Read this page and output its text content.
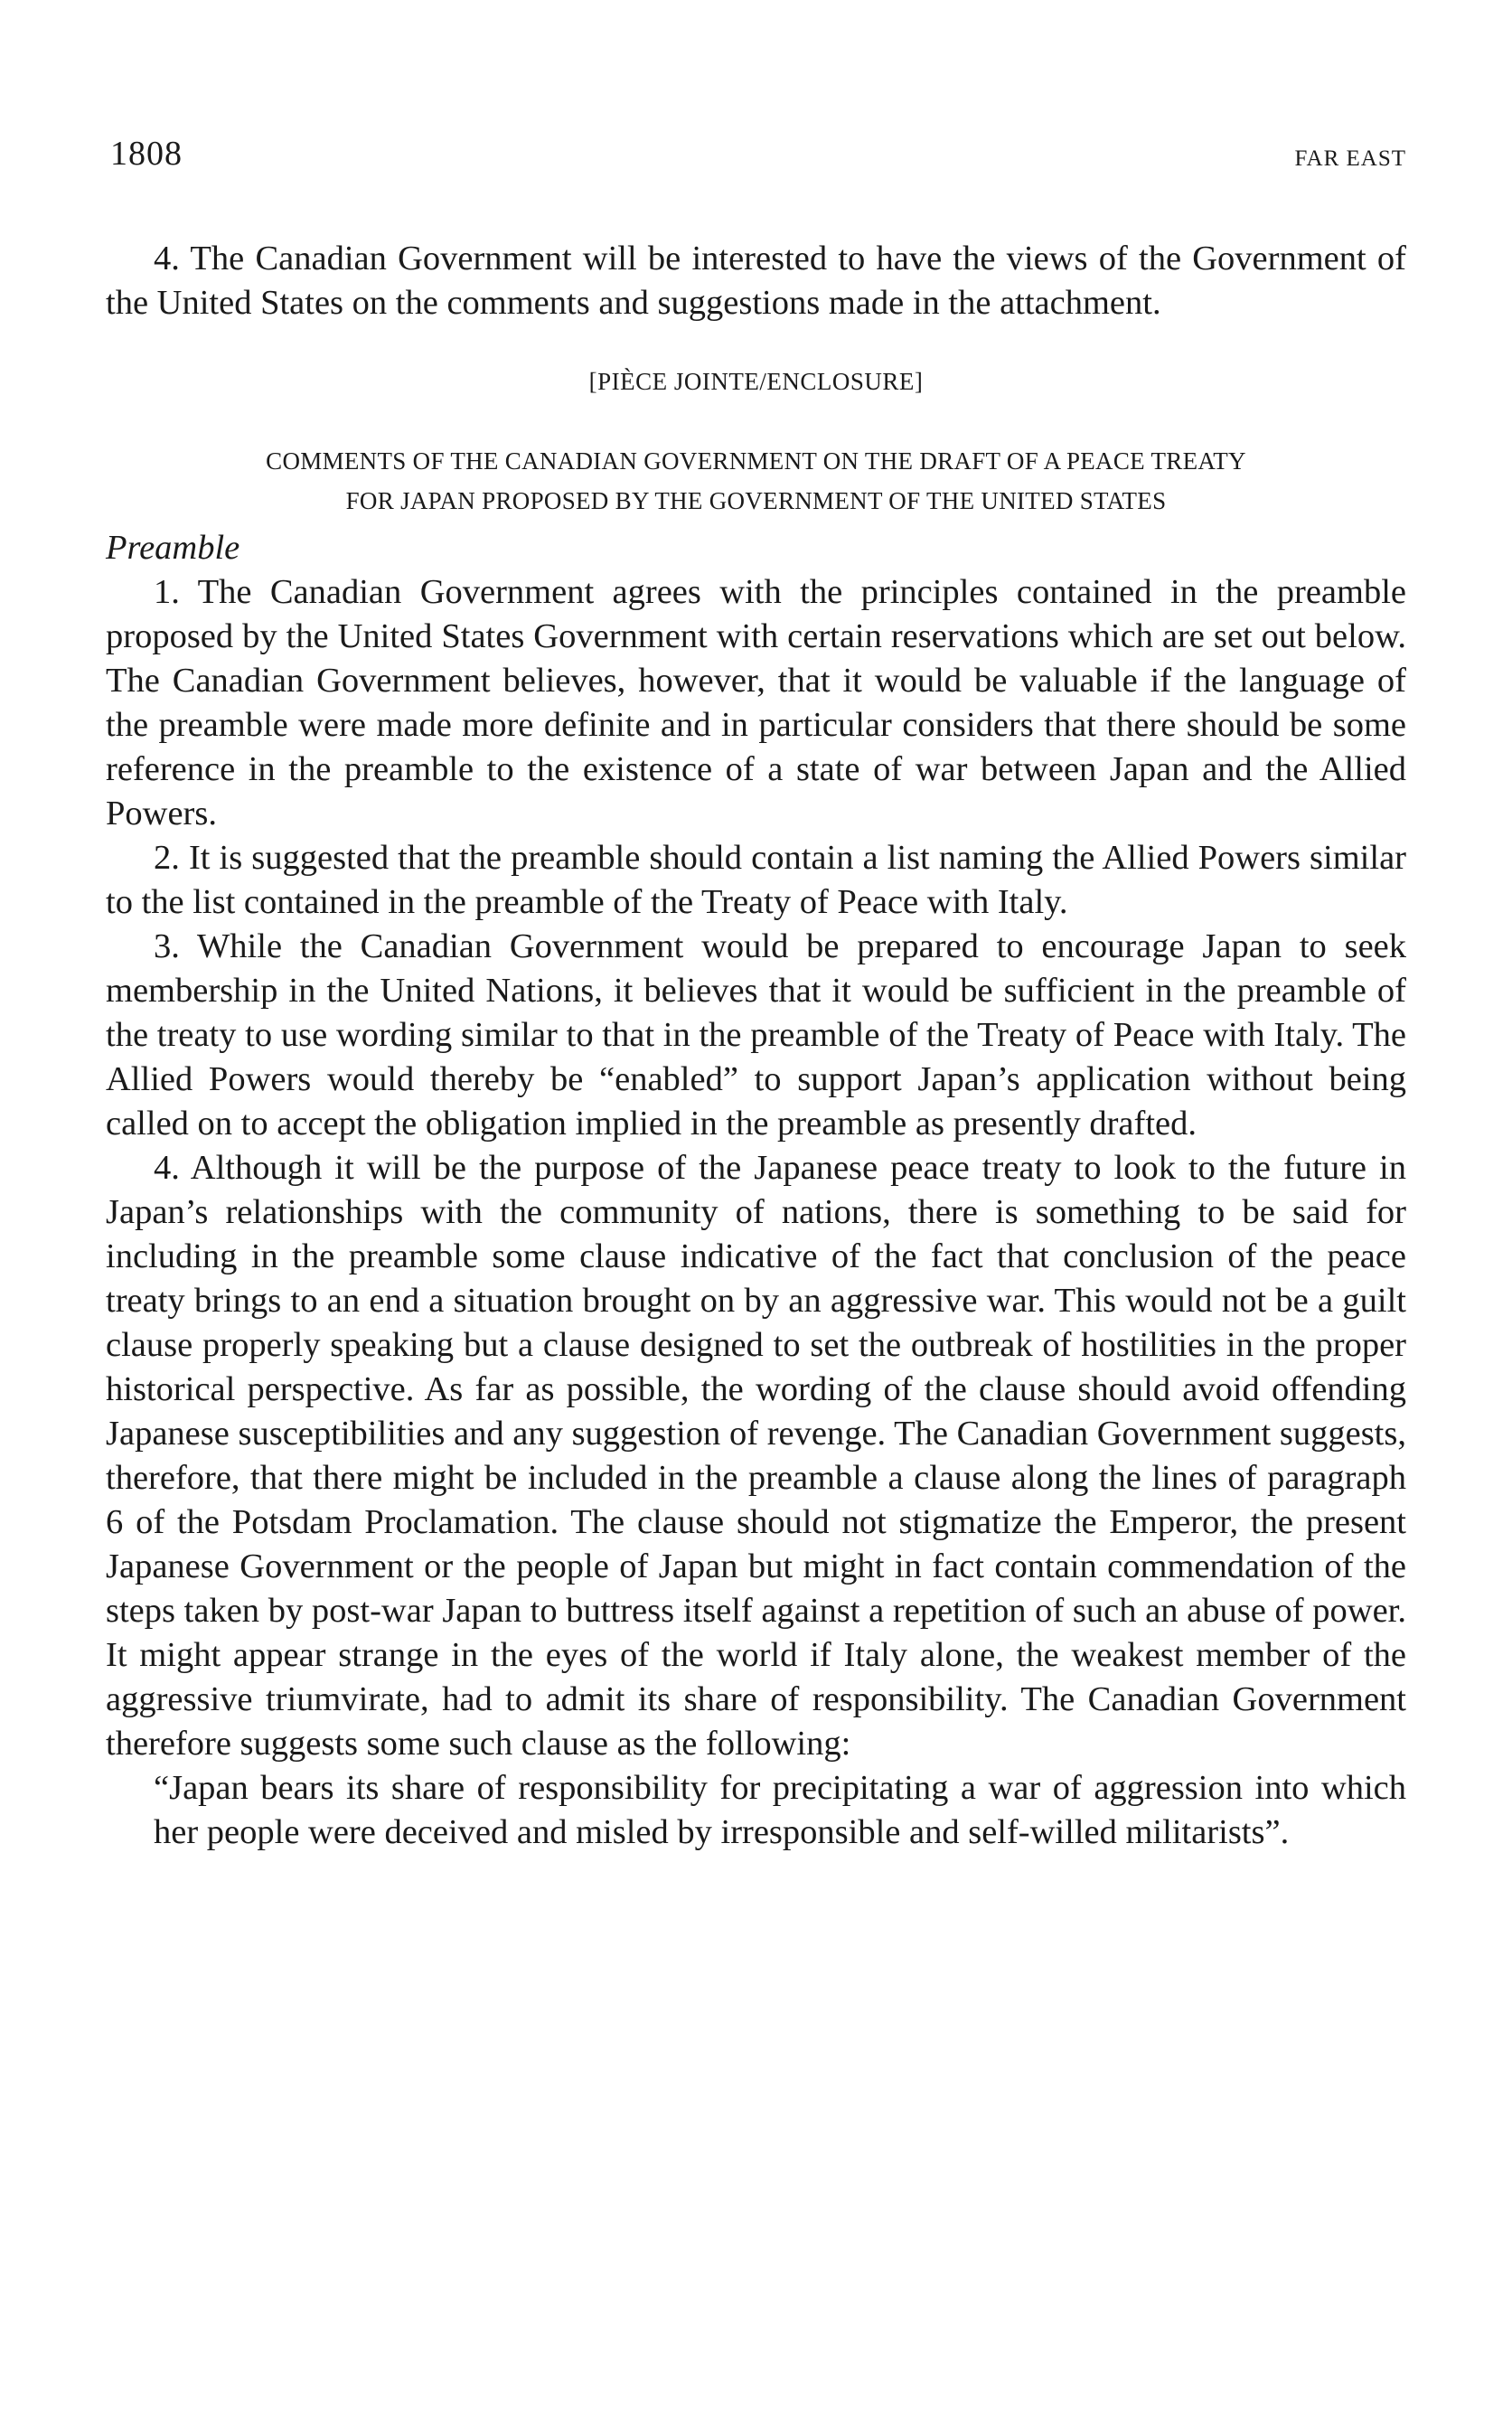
1808	FAR EAST

4. The Canadian Government will be interested to have the views of the Government of the United States on the comments and suggestions made in the attachment.

[PIÈCE JOINTE/ENCLOSURE]
COMMENTS OF THE CANADIAN GOVERNMENT ON THE DRAFT OF A PEACE TREATY
FOR JAPAN PROPOSED BY THE GOVERNMENT OF THE UNITED STATES
Preamble

1. The Canadian Government agrees with the principles contained in the preamble proposed by the United States Government with certain reservations which are set out below. The Canadian Government believes, however, that it would be valuable if the language of the preamble were made more definite and in particular considers that there should be some reference in the preamble to the existence of a state of war between Japan and the Allied Powers.

2. It is suggested that the preamble should contain a list naming the Allied Powers similar to the list contained in the preamble of the Treaty of Peace with Italy.

3. While the Canadian Government would be prepared to encourage Japan to seek membership in the United Nations, it believes that it would be sufficient in the preamble of the treaty to use wording similar to that in the preamble of the Treaty of Peace with Italy. The Allied Powers would thereby be “enabled” to support Japan’s application without being called on to accept the obligation implied in the preamble as presently drafted.

4. Although it will be the purpose of the Japanese peace treaty to look to the future in Japan’s relationships with the community of nations, there is something to be said for including in the preamble some clause indicative of the fact that conclusion of the peace treaty brings to an end a situation brought on by an aggressive war. This would not be a guilt clause properly speaking but a clause designed to set the outbreak of hostilities in the proper historical perspective. As far as possible, the wording of the clause should avoid offending Japanese susceptibilities and any suggestion of revenge. The Canadian Government suggests, therefore, that there might be included in the preamble a clause along the lines of paragraph 6 of the Potsdam Proclamation. The clause should not stigmatize the Emperor, the present Japanese Government or the people of Japan but might in fact contain commendation of the steps taken by post-war Japan to buttress itself against a repetition of such an abuse of power. It might appear strange in the eyes of the world if Italy alone, the weakest member of the aggressive triumvirate, had to admit its share of responsibility. The Canadian Government therefore suggests some such clause as the following:

“Japan bears its share of responsibility for precipitating a war of aggression into which her people were deceived and misled by irresponsible and self-willed militarists”.
